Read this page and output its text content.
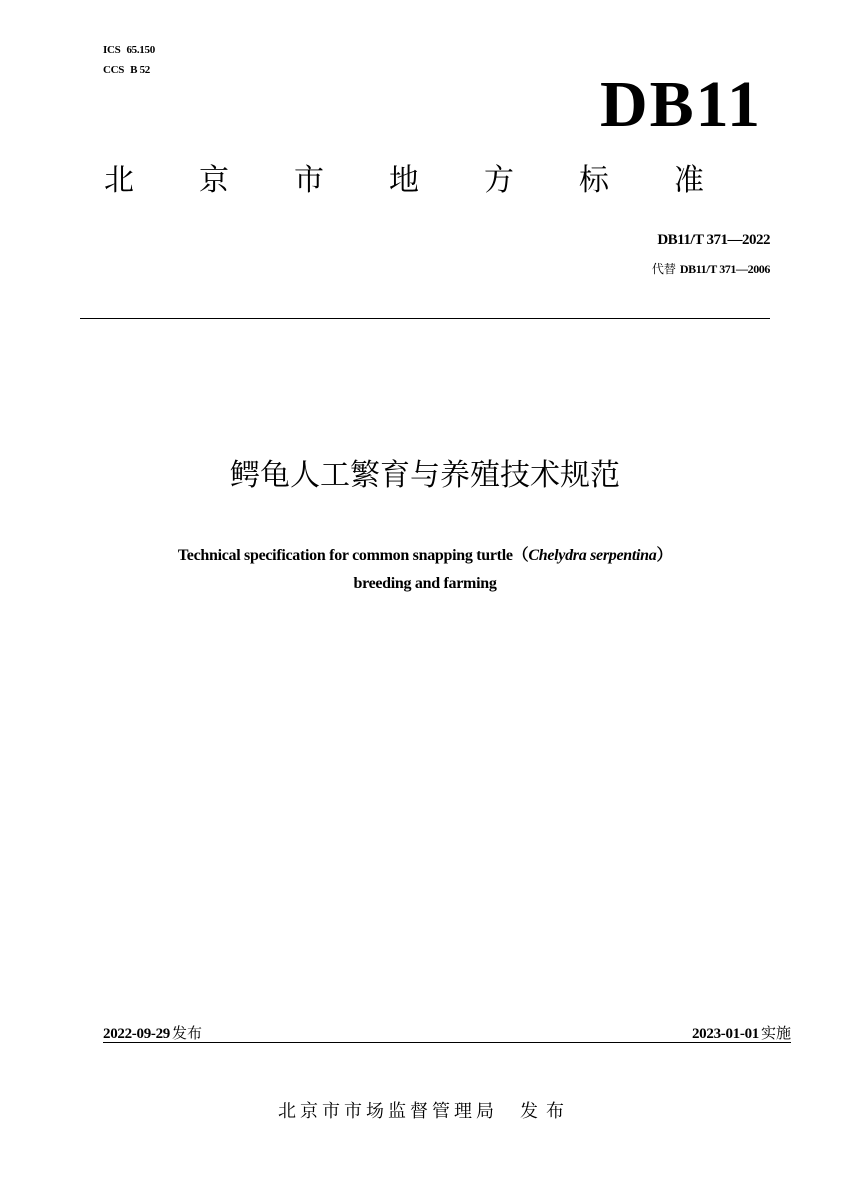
ICS 65.150
CCS B 52	DB11
北 京 市 地 方 标 准
DB11/T 371—2022
代替 DB11/T 371—2006
鳄龟人工繁育与养殖技术规范
Technical specification for common snapping turtle（Chelydra serpentina）
breeding and farming
2022-09-29 发布	2023-01-01 实施
北京市市场监督管理局 发布
